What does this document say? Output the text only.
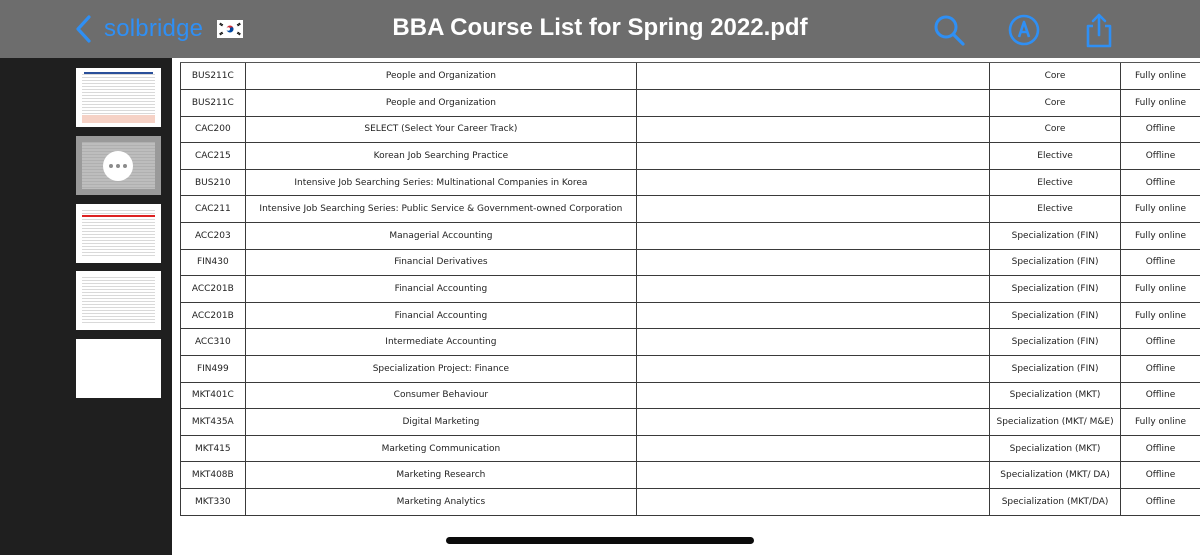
solbridge	BBA Course List for Spring 2022.pdf
BUS211C	People and Organization		Core	Fully online
BUS211C	People and Organization		Core	Fully online
CAC200	SELECT (Select Your Career Track)		Core	Offline
CAC215	Korean Job Searching Practice		Elective	Offline
BUS210	Intensive Job Searching Series: Multinational Companies in Korea		Elective	Offline
CAC211	Intensive Job Searching Series: Public Service & Government-owned Corporation		Elective	Fully online
ACC203	Managerial Accounting		Specialization (FIN)	Fully online
FIN430	Financial Derivatives		Specialization (FIN)	Offline
ACC201B	Financial Accounting		Specialization (FIN)	Fully online
ACC201B	Financial Accounting		Specialization (FIN)	Fully online
ACC310	Intermediate Accounting		Specialization (FIN)	Offline
FIN499	Specialization Project: Finance		Specialization (FIN)	Offline
MKT401C	Consumer Behaviour		Specialization (MKT)	Offline
MKT435A	Digital Marketing		Specialization (MKT/ M&E)	Fully online
MKT415	Marketing Communication		Specialization (MKT)	Offline
MKT408B	Marketing Research		Specialization (MKT/ DA)	Offline
MKT330	Marketing Analytics		Specialization (MKT/DA)	Offline
